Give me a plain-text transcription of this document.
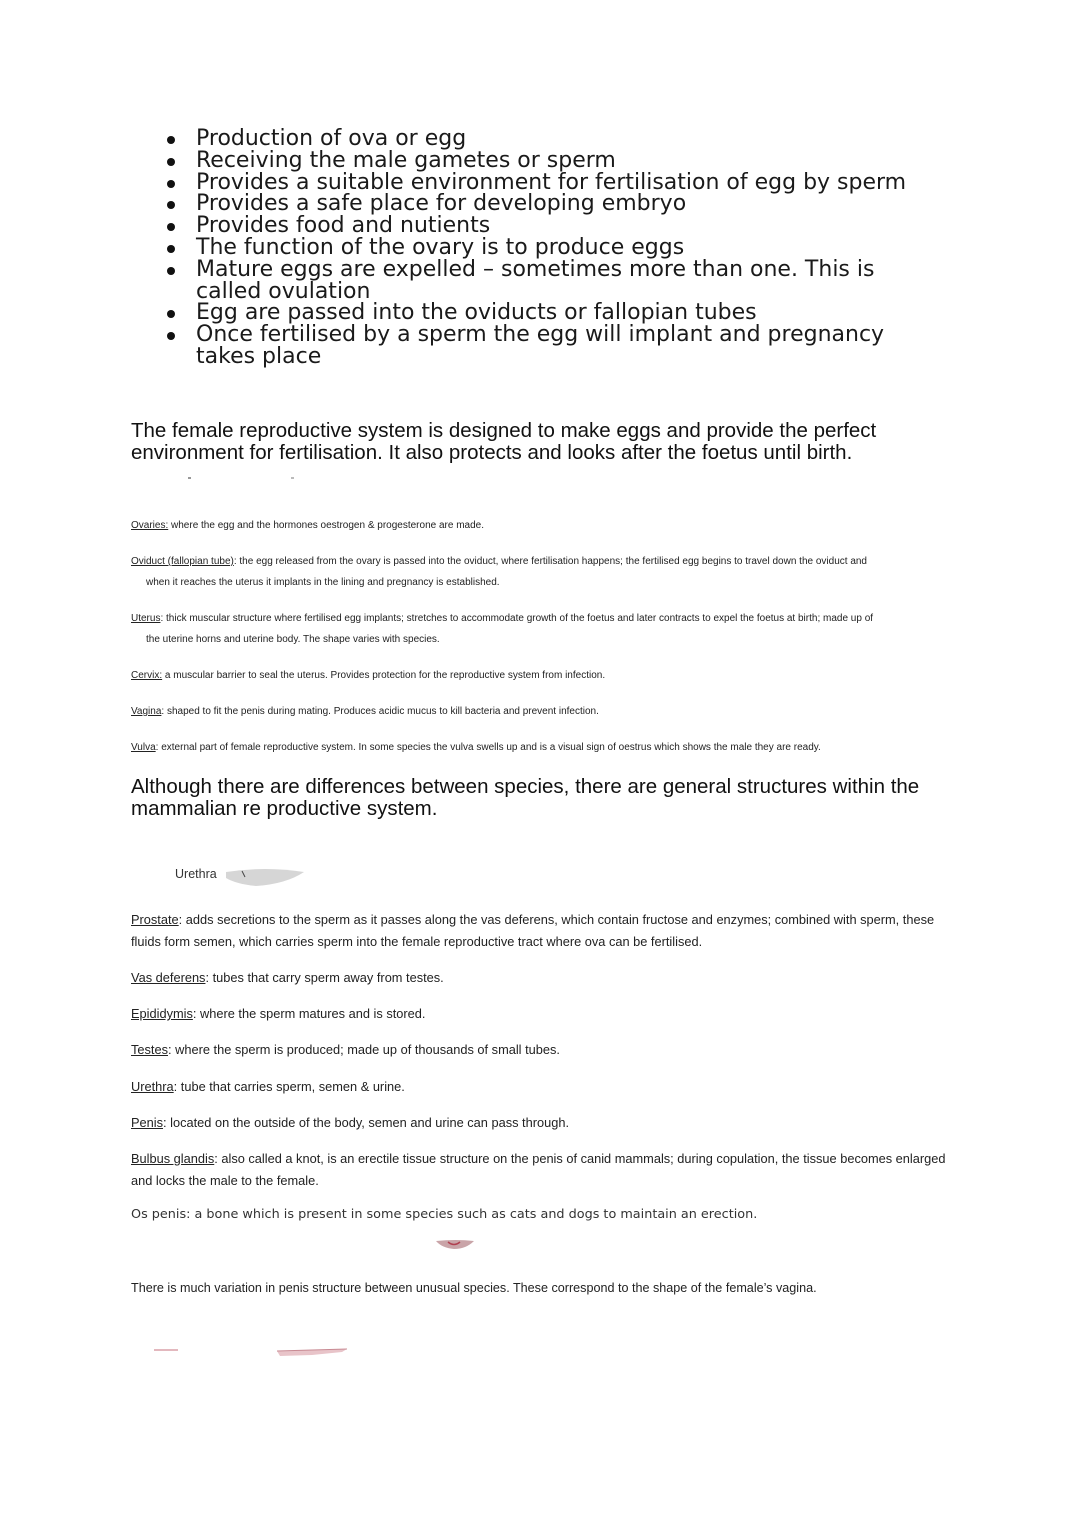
Production of ova or egg
Receiving the male gametes or sperm
Provides a suitable environment for fertilisation of egg by sperm
Provides a safe place for developing embryo
Provides food and nutients
The function of the ovary is to produce eggs
Mature eggs are expelled – sometimes more than one. This is called ovulation
Egg are passed into the oviducts or fallopian tubes
Once fertilised by a sperm the egg will implant and pregnancy takes place

The female reproductive system is designed to make eggs and provide the perfect environment for fertilisation. It also protects and looks after the foetus until birth.

Ovaries: where the egg and the hormones oestrogen & progesterone are made.

Oviduct (fallopian tube): the egg released from the ovary is passed into the oviduct, where fertilisation happens; the fertilised egg begins to travel down the oviduct and

when it reaches the uterus it implants in the lining and pregnancy is established.

Uterus: thick muscular structure where fertilised egg implants; stretches to accommodate growth of the foetus and later contracts to expel the foetus at birth; made up of

the uterine horns and uterine body. The shape varies with species.

Cervix: a muscular barrier to seal the uterus. Provides protection for the reproductive system from infection.

Vagina: shaped to fit the penis during mating. Produces acidic mucus to kill bacteria and prevent infection.

Vulva: external part of female reproductive system. In some species the vulva swells up and is a visual sign of oestrus which shows the male they are ready.

Although there are differences between species, there are general structures within the mammalian re productive system.

Urethra

Prostate: adds secretions to the sperm as it passes along the vas deferens, which contain fructose and enzymes; combined with sperm, these fluids form semen, which carries sperm into the female reproductive tract where ova can be fertilised.

Vas deferens: tubes that carry sperm away from testes.

Epididymis: where the sperm matures and is stored.

Testes: where the sperm is produced; made up of thousands of small tubes.

Urethra: tube that carries sperm, semen & urine.

Penis: located on the outside of the body, semen and urine can pass through.

Bulbus glandis: also called a knot, is an erectile tissue structure on the penis of canid mammals; during copulation, the tissue becomes enlarged and locks the male to the female.

Os penis: a bone which is present in some species such as cats and dogs to maintain an erection.

There is much variation in penis structure between unusual species. These correspond to the shape of the female’s vagina.
